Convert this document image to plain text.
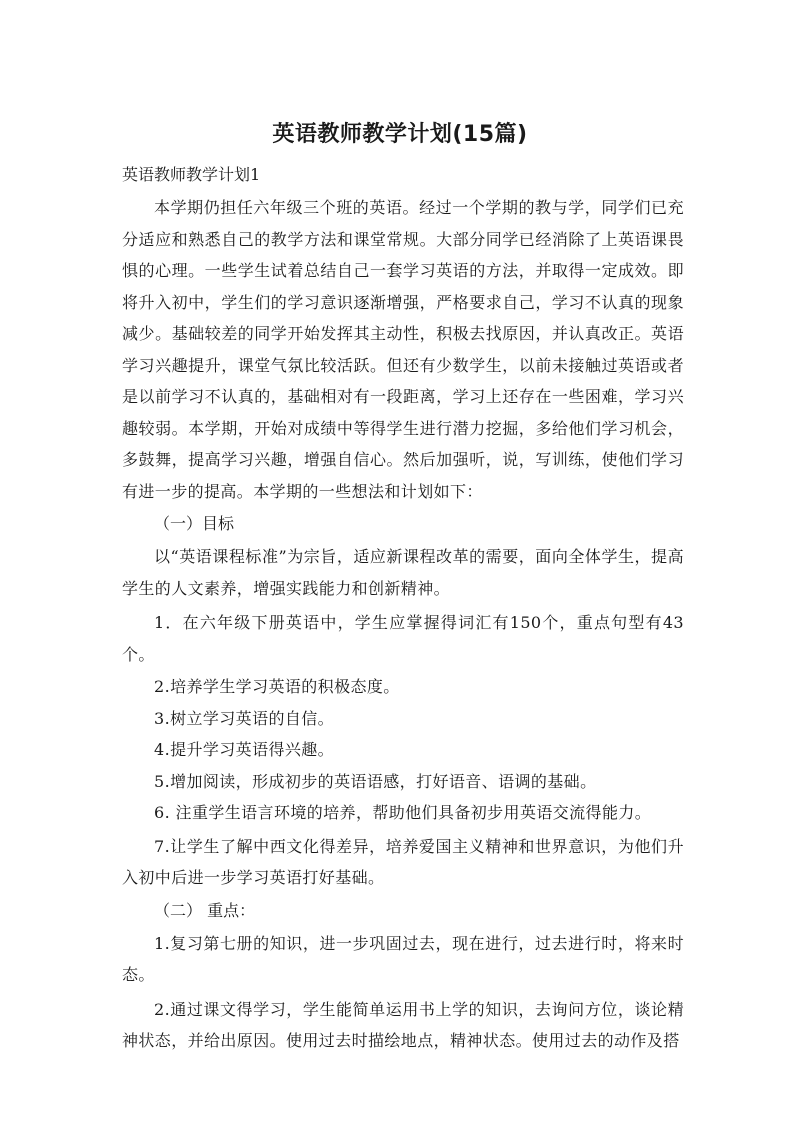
英语教师教学计划(15篇)
英语教师教学计划1

本学期仍担任六年级三个班的英语。经过一个学期的教与学，同学们已充分适应和熟悉自己的教学方法和课堂常规。大部分同学已经消除了上英语课畏惧的心理。一些学生试着总结自己一套学习英语的方法，并取得一定成效。即将升入初中，学生们的学习意识逐渐增强，严格要求自己，学习不认真的现象减少。基础较差的同学开始发挥其主动性，积极去找原因，并认真改正。英语学习兴趣提升，课堂气氛比较活跃。但还有少数学生，以前未接触过英语或者是以前学习不认真的，基础相对有一段距离，学习上还存在一些困难，学习兴趣较弱。本学期，开始对成绩中等得学生进行潜力挖掘，多给他们学习机会，多鼓舞，提高学习兴趣，增强自信心。然后加强听，说，写训练，使他们学习有进一步的提高。本学期的一些想法和计划如下：

（一）目标

以“英语课程标准”为宗旨，适应新课程改革的需要，面向全体学生，提高学生的人文素养，增强实践能力和创新精神。

1．在六年级下册英语中，学生应掌握得词汇有150个，重点句型有43个。

2.培养学生学习英语的积极态度。

3.树立学习英语的自信。

4.提升学习英语得兴趣。

5.增加阅读，形成初步的英语语感，打好语音、语调的基础。

6. 注重学生语言环境的培养，帮助他们具备初步用英语交流得能力。

7.让学生了解中西文化得差异，培养爱国主义精神和世界意识，为他们升入初中后进一步学习英语打好基础。

（二） 重点：

1.复习第七册的知识，进一步巩固过去，现在进行，过去进行时，将来时态。

2.通过课文得学习，学生能简单运用书上学的知识，去询问方位，谈论精神状态，并给出原因。使用过去时描绘地点，精神状态。使用过去的动作及搭
